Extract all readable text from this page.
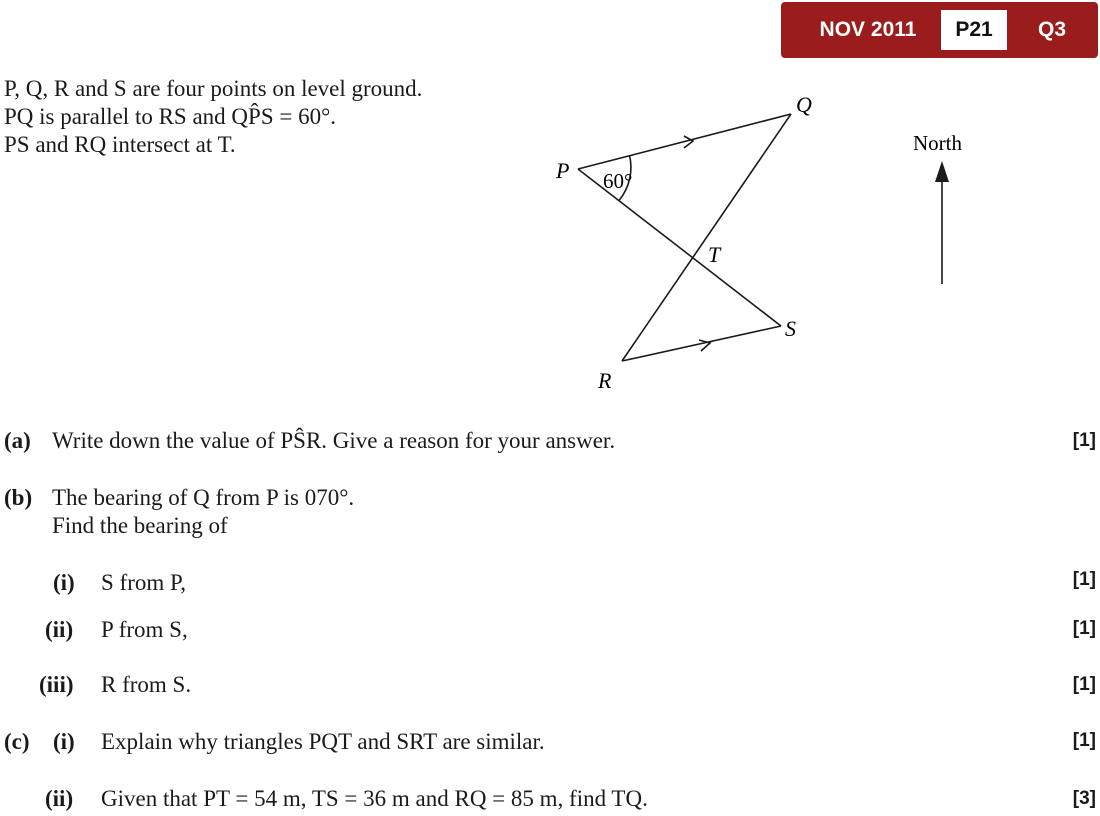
NOV 2011	P21	Q3
P, Q, R and S are four points on level ground.
PQ is parallel to RS and QP̂S = 60°.
PS and RQ intersect at T.
P
Q
R
S
T
60°
North
(a) Write down the value of PŜR. Give a reason for your answer.	[1]
(b) The bearing of Q from P is 070°.
Find the bearing of
(i) S from P,	[1]
(ii) P from S,	[1]
(iii) R from S.	[1]
(c) (i) Explain why triangles PQT and SRT are similar.	[1]
(ii) Given that PT = 54 m, TS = 36 m and RQ = 85 m, find TQ.	[3]
